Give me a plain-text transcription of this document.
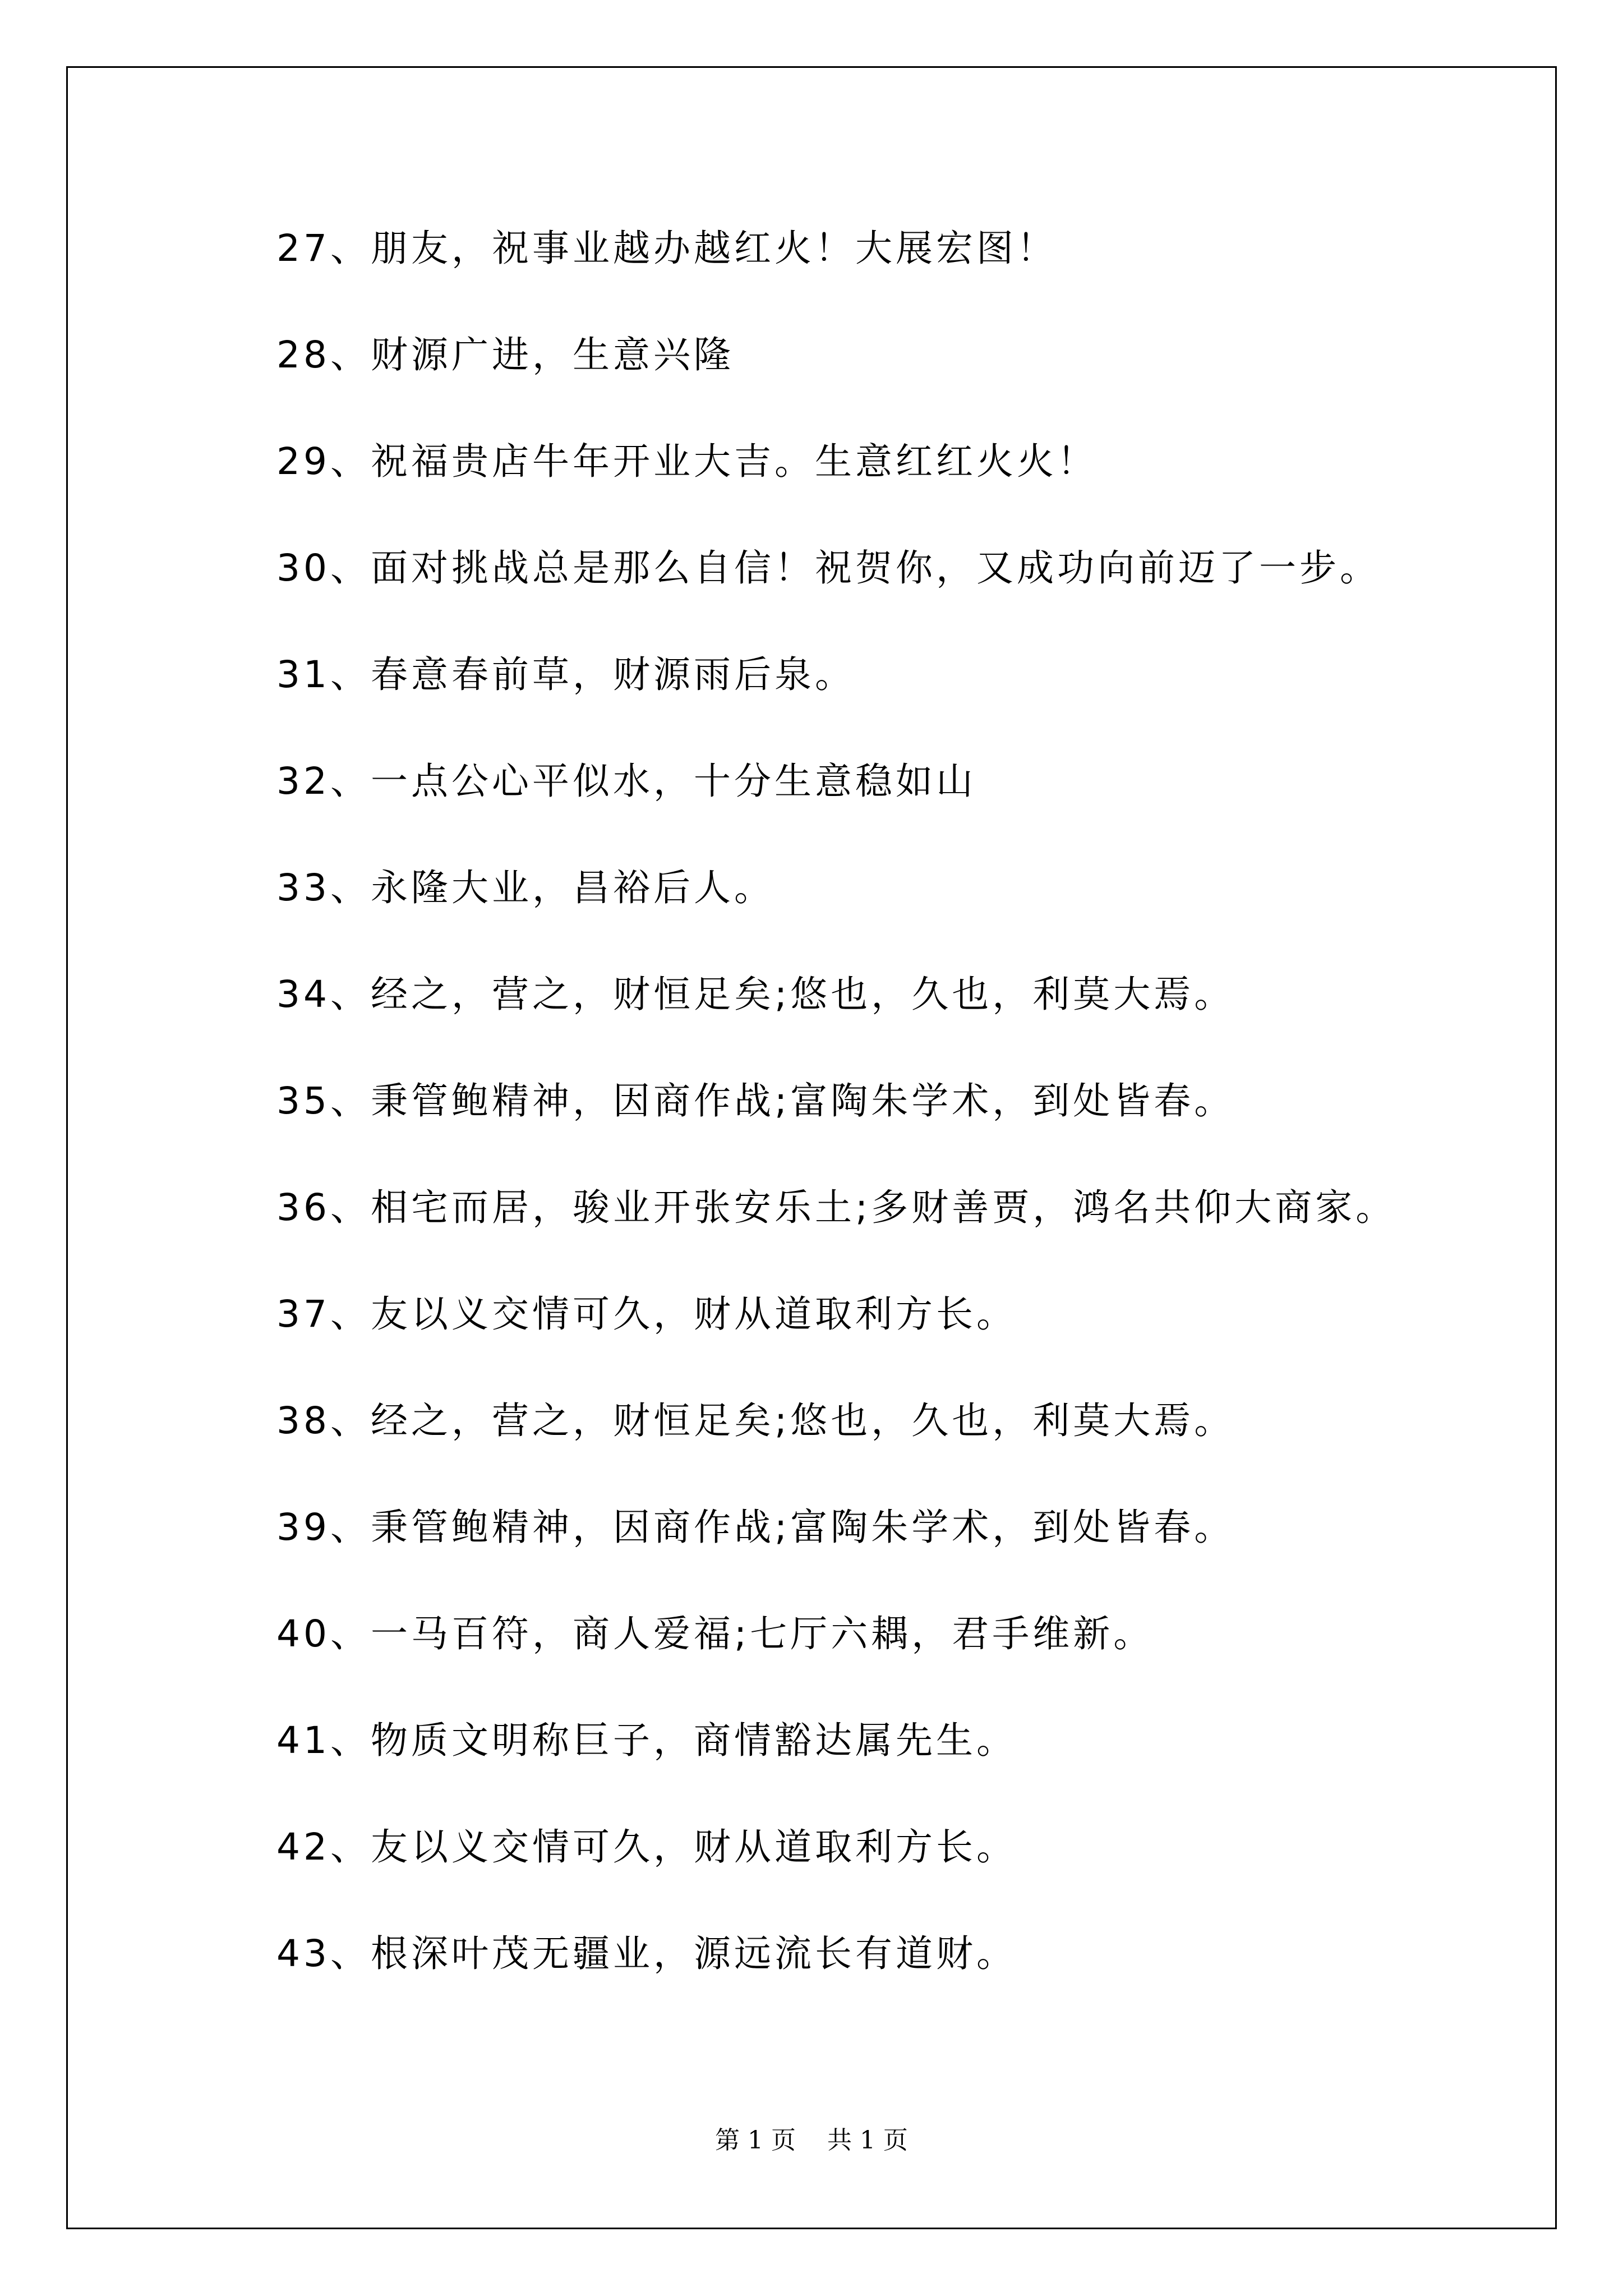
27、朋友，祝事业越办越红火！大展宏图！
28、财源广进，生意兴隆
29、祝福贵店牛年开业大吉。生意红红火火！
30、面对挑战总是那么自信！祝贺你，又成功向前迈了一步。
31、春意春前草，财源雨后泉。
32、一点公心平似水，十分生意稳如山
33、永隆大业，昌裕后人。
34、经之，营之，财恒足矣;悠也，久也，利莫大焉。
35、秉管鲍精神，因商作战;富陶朱学术，到处皆春。
36、相宅而居，骏业开张安乐土;多财善贾，鸿名共仰大商家。
37、友以义交情可久，财从道取利方长。
38、经之，营之，财恒足矣;悠也，久也，利莫大焉。
39、秉管鲍精神，因商作战;富陶朱学术，到处皆春。
40、一马百符，商人爱福;七厅六耦，君手维新。
41、物质文明称巨子，商情豁达属先生。
42、友以义交情可久，财从道取利方长。
43、根深叶茂无疆业，源远流长有道财。
第 1 页    共 1 页
